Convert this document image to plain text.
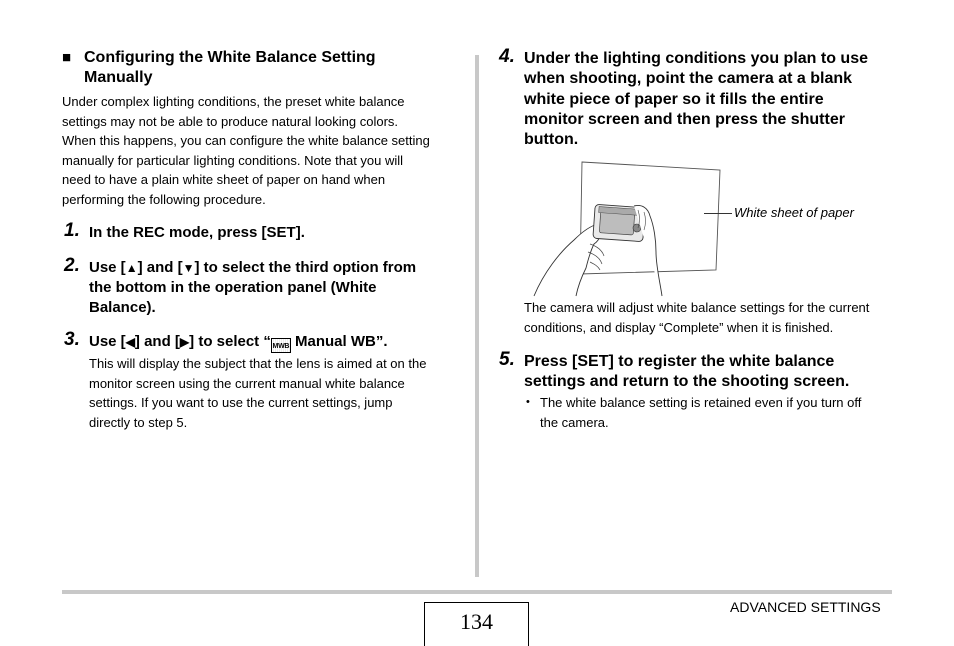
■ Configuring the White Balance Setting
Manually
Under complex lighting conditions, the preset white balance
settings may not be able to produce natural looking colors.
When this happens, you can configure the white balance setting
manually for particular lighting conditions. Note that you will
need to have a plain white sheet of paper on hand when
performing the following procedure.
1. In the REC mode, press [SET].
2. Use [▲] and [▼] to select the third option from
the bottom in the operation panel (White
Balance).
3. Use [◀] and [▶] to select “ MWB Manual WB”.
This will display the subject that the lens is aimed at on the
monitor screen using the current manual white balance
settings. If you want to use the current settings, jump
directly to step 5.
4. Under the lighting conditions you plan to use
when shooting, point the camera at a blank
white piece of paper so it fills the entire
monitor screen and then press the shutter
button.
White sheet of paper
The camera will adjust white balance settings for the current
conditions, and display “Complete” when it is finished.
5. Press [SET] to register the white balance
settings and return to the shooting screen.
• The white balance setting is retained even if you turn off
the camera.
134
ADVANCED SETTINGS
